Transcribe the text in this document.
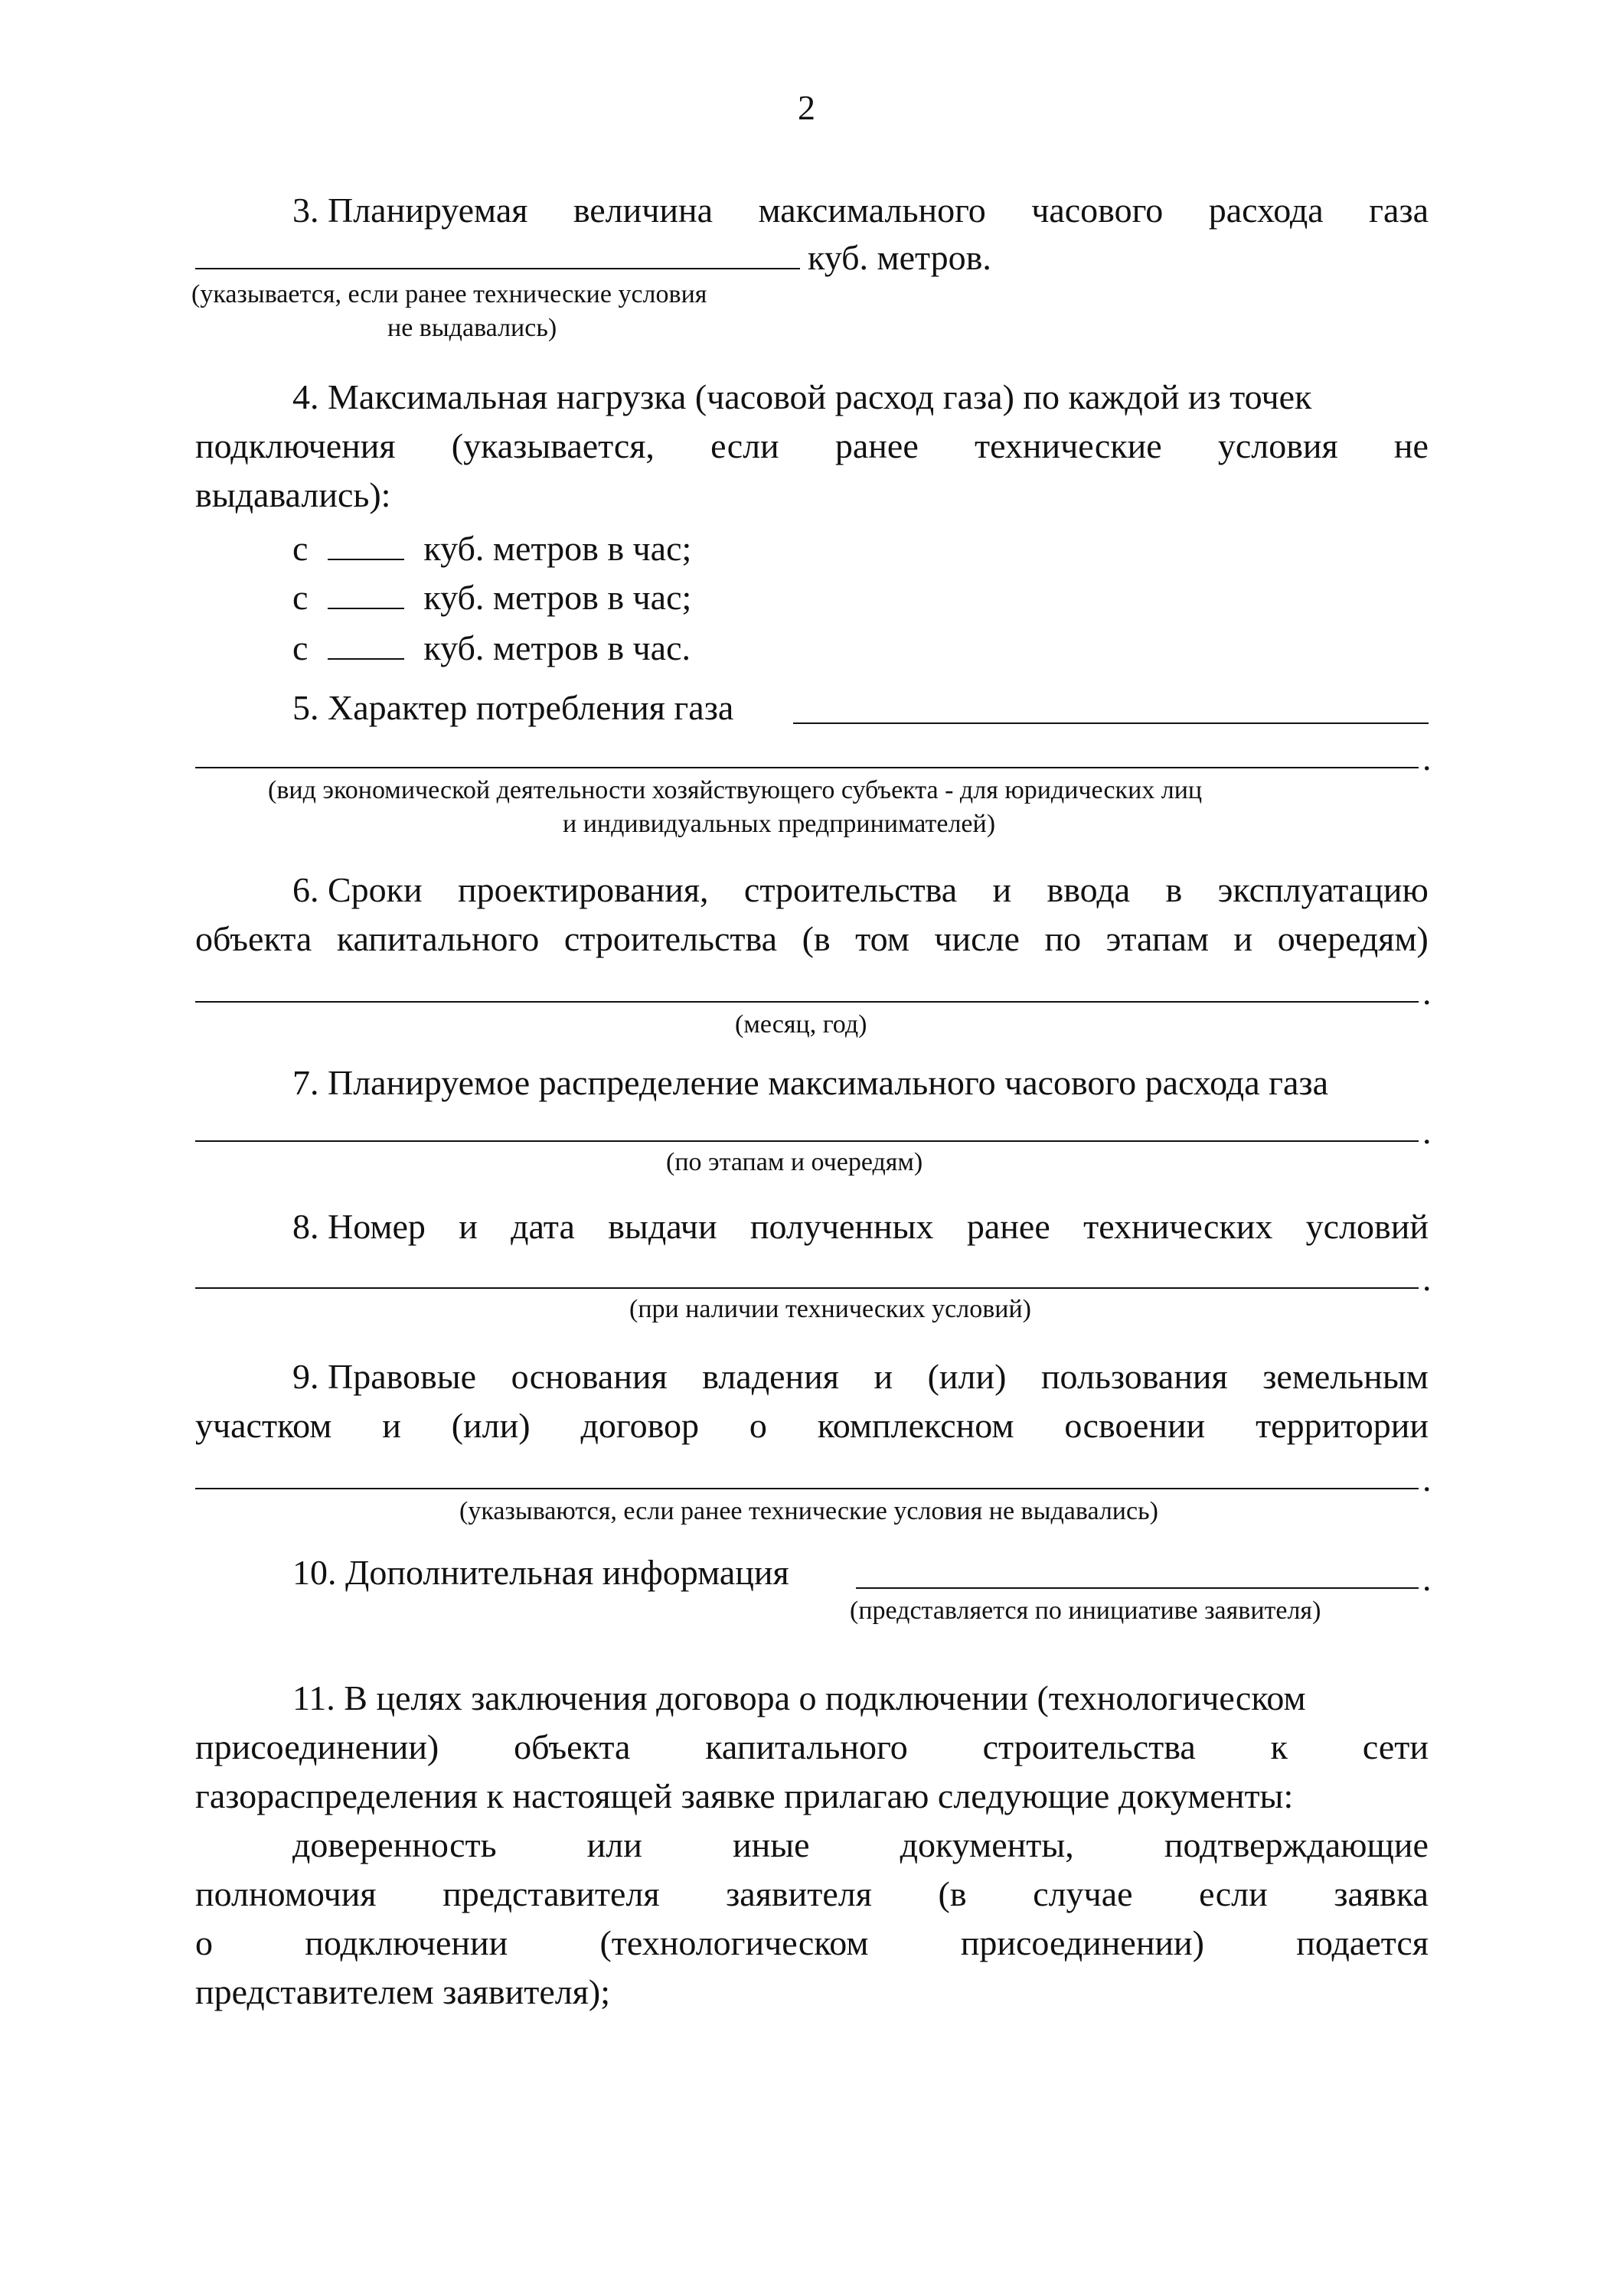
2
3. Планируемая величина максимального часового расхода газа
куб. метров.
(указывается, если ранее технические условия
не выдавались)
4. Максимальная нагрузка (часовой расход газа) по каждой из точек
подключения (указывается, если ранее технические условия не
выдавались):
с	куб. метров в час;
с	куб. метров в час;
с	куб. метров в час.
5. Характер потребления газа
.
(вид экономической деятельности хозяйствующего субъекта - для юридических лиц
и индивидуальных предпринимателей)
6. Сроки проектирования, строительства и ввода в эксплуатацию
объекта капитального строительства (в том числе по этапам и очередям)
.
(месяц, год)
7. Планируемое распределение максимального часового расхода газа
.
(по этапам и очередям)
8. Номер и дата выдачи полученных ранее технических условий
.
(при наличии технических условий)
9. Правовые основания владения и (или) пользования земельным
участком и (или) договор о комплексном освоении территории
.
(указываются, если ранее технические условия не выдавались)
10. Дополнительная информация	.
(представляется по инициативе заявителя)
11. В целях заключения договора о подключении (технологическом
присоединении) объекта капитального строительства к сети
газораспределения к настоящей заявке прилагаю следующие документы:
доверенность	или	иные	документы,	подтверждающие
полномочия представителя заявителя (в случае если заявка
о	подключении	(технологическом	присоединении)	подается
представителем заявителя);
